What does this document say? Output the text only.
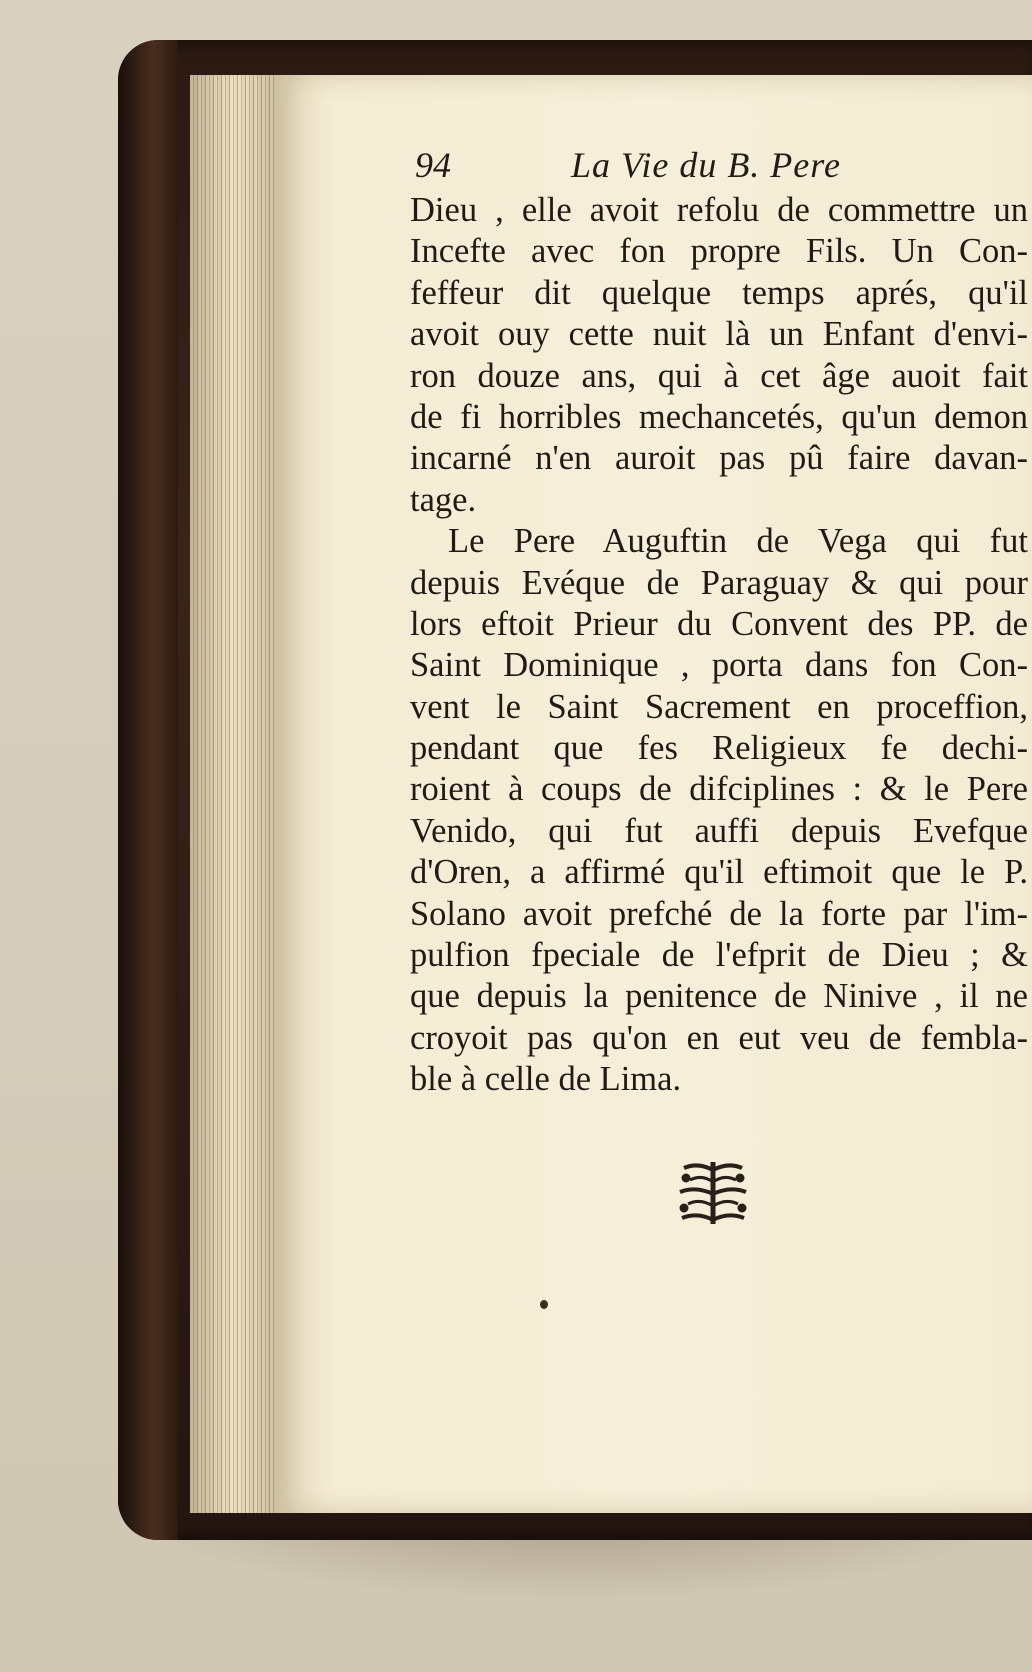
94	La Vie du B. Pere
Dieu , elle avoit refolu de commettre un
Incefte avec fon propre Fils. Un Con-
feffeur dit quelque temps aprés, qu'il
avoit ouy cette nuit là un Enfant d'envi-
ron douze ans, qui à cet âge auoit fait
de fi horribles mechancetés, qu'un demon
incarné n'en auroit pas pû faire davan-
tage.
Le Pere Auguftin de Vega qui fut
depuis Evéque de Paraguay & qui pour
lors eftoit Prieur du Convent des PP. de
Saint Dominique , porta dans fon Con-
vent le Saint Sacrement en proceffion,
pendant que fes Religieux fe dechi-
roient à coups de difciplines : & le Pere
Venido, qui fut auffi depuis Evefque
d'Oren, a affirmé qu'il eftimoit que le P.
Solano avoit prefché de la forte par l'im-
pulfion fpeciale de l'efprit de Dieu ; &
que depuis la penitence de Ninive , il ne
croyoit pas qu'on en eut veu de fembla-
ble à celle de Lima.
